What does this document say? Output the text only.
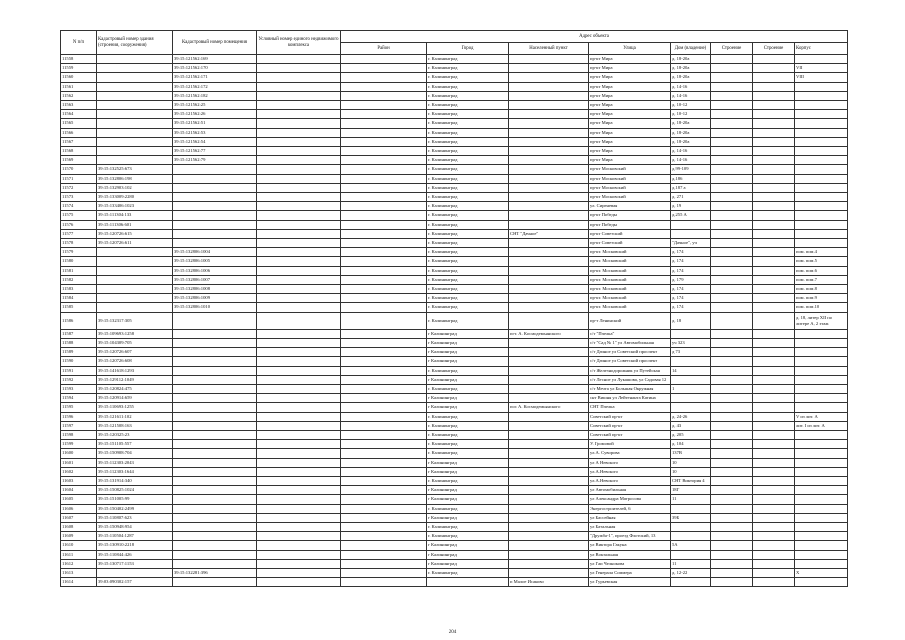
N п/п	Кадастровый номер здания (строения, сооружения)	Кадастровый номер помещения	Условный номер единого недвижимого комплекса	Адрес объекта							
				Район	Город	Населенный пункт	Улица	Дом (владение)	Строение	Строение	Корпус
11558		39:15:121562:169			г. Калининград		пр-кт Мира	д. 18-20а			
11559		39:15:121562:170			г. Калининград		пр-кт Мира	д. 18-20а			VII
11560		39:15:121562:171			г. Калининград		пр-кт Мира	д. 18-20а			VIII
11561		39:15:121562:172			г. Калининград		пр-кт Мира	д. 14-16			
11562		39:15:121562:182			г. Калининград		пр-кт Мира	д. 14-16			
11563		39:15:121562:25			г. Калининград		пр-кт Мира	д. 10-12			
11564		39:15:121562:26			г. Калининград		пр-кт Мира	д. 10-12			
11565		39:15:121562:51			г. Калининград		пр-кт Мира	д. 18-20а			
11566		39:15:121562:53			г. Калининград		пр-кт Мира	д. 18-20а			
11567		39:15:121562:54			г. Калининград		пр-кт Мира	д. 18-20а			
11568		39:15:121562:77			г. Калининград		пр-кт Мира	д. 14-16			
11569		39:15:121562:79			г. Калининград		пр-кт Мира	д. 14-16			
11570	39:15:132525:673				г. Калининград		пр-кт Московский	д.99-109			
11571	39:15:132806:198				г. Калининград		пр-кт Московский	д.186			
11572	39:15:132903:102				г. Калининград		пр-кт Московский	д.187 а			
11573	39:15:133009:2280				г. Калининград		пр-кт Московский	д. 271			
11574	39:15:133406:1023				г. Калининград		ул. Сиреневая	д. 19			
11575	39:15:111304:133				г. Калининград		пр-кт Победы	д.255 А			
11576	39:15:111306:601				г. Калининград		пр-кт Победы				
11577	39:15:120726:615				г. Калининград	СНТ "Дачное"	пр-кт Советский				
11578	39:15:120726:611				г. Калининград		пр-кт Советский	"Дачное", уч			
11579		39:15:132806:1004			г. Калининград		пр-кт. Московский	д. 174			пом. пом.4
11580		39:15:132806:1005			г. Калининград		пр-кт. Московский	д. 174			пом. пом.5
11581		39:15:132806:1006			г. Калининград		пр-кт. Московский	д. 174			пом. пом.6
11582		39:15:132806:1007			г. Калининград		пр-кт. Московский	д. 179			пом. пом.7
11583		39:15:132806:1008			г. Калининград		пр-кт. Московский	д. 174			пом. пом.8
11584		39:15:132806:1009			г. Калининград		пр-кт. Московский	д. 174			пом. пом.9
11585		39:15:132806:1010			г. Калининград		пр-кт. Московский	д. 174			пом. пом.10
11586	39:15:132317:305				г. Калининград		пр-т Ленинский	д. 18			д. 18, литер XII по литере А, 2 этаж
11587	39:15:109693:1258				г Калининград	пгт. А. Космодемьянского	с/т "Пчелка"				
11588	39:15:104309:705				г Калининград		с/т "Сад № 1" ул Автомобильная	уч 323			
11589	39:15:120726:607				г Калининград		с/т Дачное ул Советский проспект	д 73			
11590	39:15:120726:608				г Калининград		с/т Дачное ул Советский проспект				
11591	39:15:141618:1293				г. Калининград		с/т Железнодорожник ул Путейская	14			
11592	39:15:129112:1049				г Калининград		с/т Лесное ул Лукашова, ул Садовая 12				
11593	39:15:120824:475				г. Калининград		с/т Мечта ул Большая Окружная	1			
11594	39:15:120914:659				г Калининград		снт Вишня ул Лейтенанта Катина				
11595	39:15:110693:1255				г Калининград	пос А. Космодемьянского	СНТ Пчелка				
11596	39:15:121611:102				г. Калининград		Советский пр-кт	д. 24-26			V из лит. А
11597	39:15:121508:163				г. Калининград		Советский пр-кт	д. 43			лит. I из лит. А
11598	39:15:120325:23				г. Калининград		Советский пр-кт	д. 205			
11599	39:15:151105:557				г. Калининград		У. Громовой	д. 104			
11600	39:15:150908:704				г. Калининград		ул.А. Суворова	137В			
11601	39:15:112303:2043				г Калининград		ул А Невского	10			
11602	39:15:112303:1644				г Калининград		ул.А.Невского	10			
11603	39:15:131914:340				г. Калининград		ул.А.Невского	СНТ Виктория 4			
11604	39:15:150825:1024				г Калининград		ул Автомобильная	18Г			
11605	39:15:151005:99				г Калининград		ул Александра Матросова	11			
11606	39:15:150402:2499				г. Калининград		Энергостроителей, 6				
11607	39:15:110807:623				г Калининград		ул Бассейная	39Б			
11608	39:15:150948:954				г. Калининград		ул Батальная				
11609	39:15:110504:1287				г. Калининград		"Дружба-1", проезд Флотский, 13				
11610	39:15:130910:2218				г Калининград		ул Виктора Гакуна	5А			
11611	39:15:110844:426				г Калининград		ул Вокзальная				
11612	39:15:130717:1153				г Калининград		ул Гаи Челнокова	11			
11613		39:15:132281:396			г. Калининград		ул Генерала Соммера	д. 12-22			X
11614	39:03:090302:157					п Малое Исаково	ул Гурьевская				
204
